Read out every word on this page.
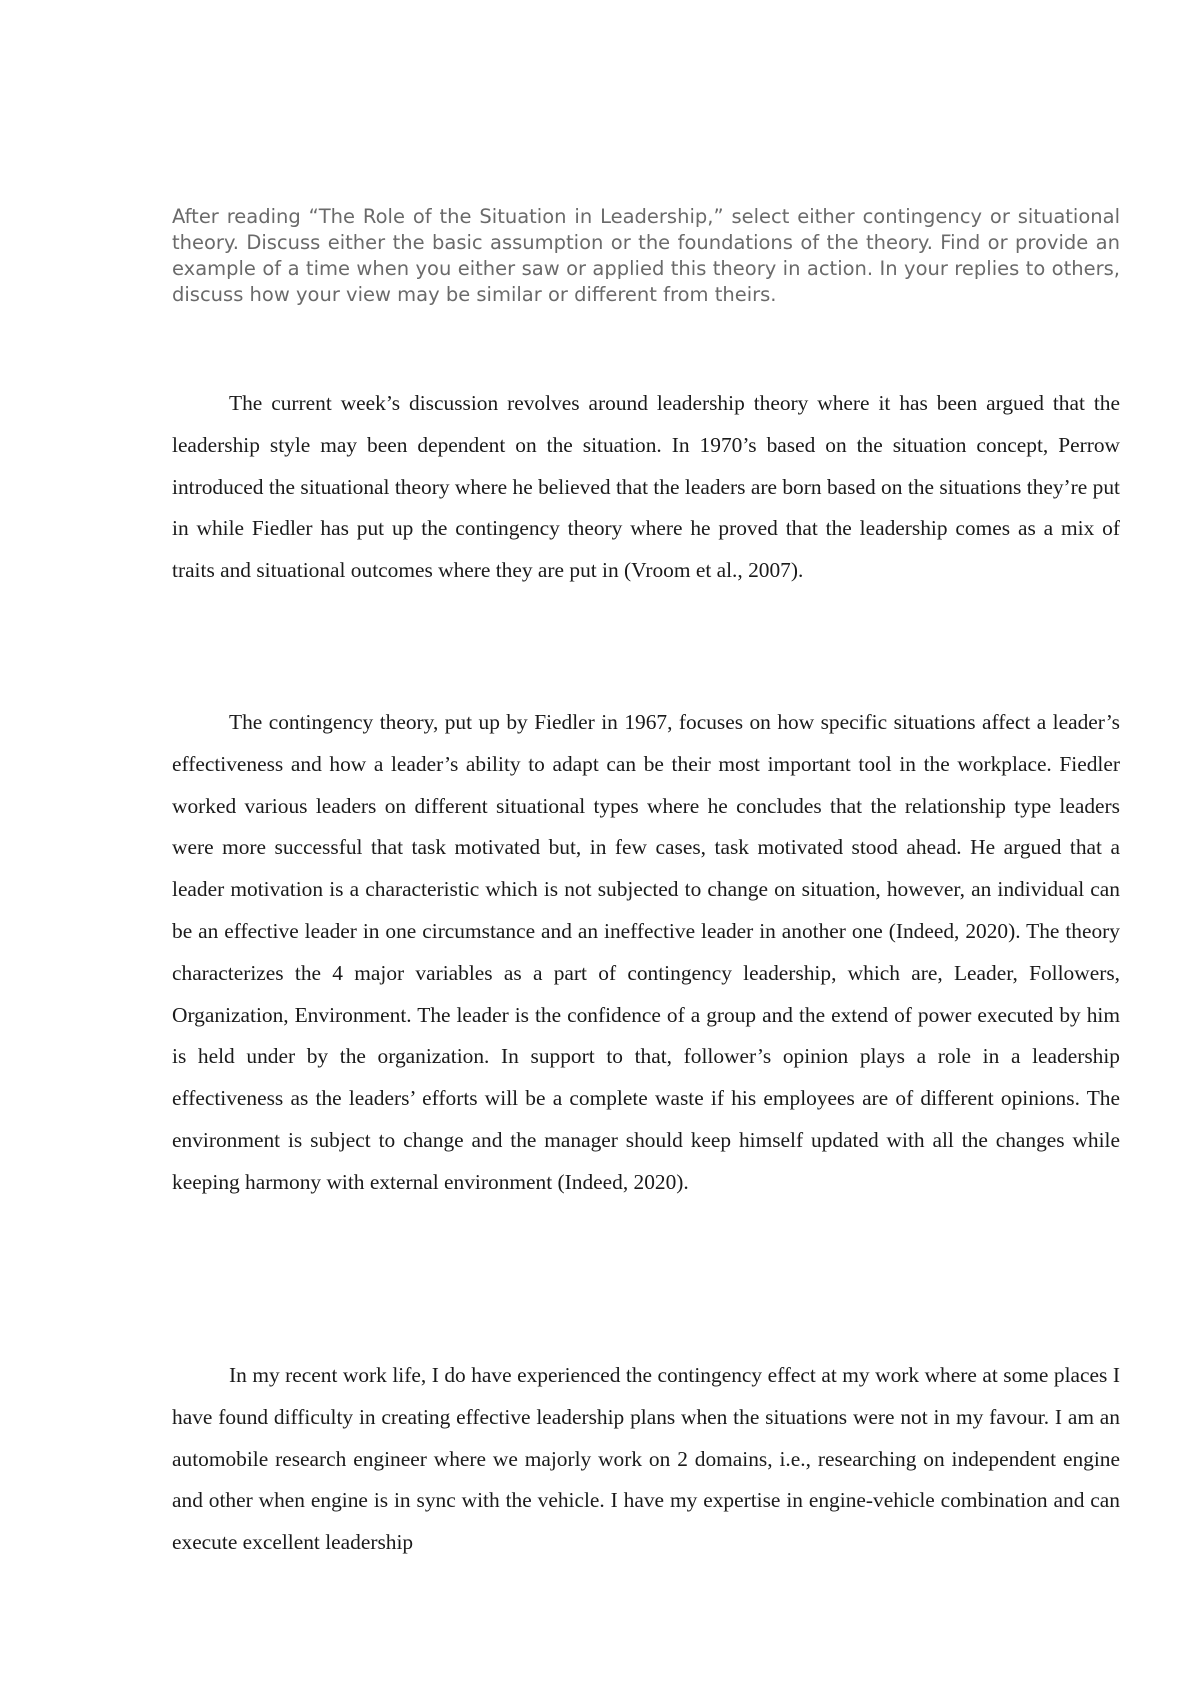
After reading “The Role of the Situation in Leadership,” select either contingency or situational theory. Discuss either the basic assumption or the foundations of the theory. Find or provide an example of a time when you either saw or applied this theory in action. In your replies to others, discuss how your view may be similar or different from theirs.

The current week’s discussion revolves around leadership theory where it has been argued that the leadership style may been dependent on the situation. In 1970’s based on the situation concept, Perrow introduced the situational theory where he believed that the leaders are born based on the situations they’re put in while Fiedler has put up the contingency theory where he proved that the leadership comes as a mix of traits and situational outcomes where they are put in (Vroom et al., 2007).

The contingency theory, put up by Fiedler in 1967, focuses on how specific situations affect a leader’s effectiveness and how a leader’s ability to adapt can be their most important tool in the workplace. Fiedler worked various leaders on different situational types where he concludes that the relationship type leaders were more successful that task motivated but, in few cases, task motivated stood ahead. He argued that a leader motivation is a characteristic which is not subjected to change on situation, however, an individual can be an effective leader in one circumstance and an ineffective leader in another one (Indeed, 2020). The theory characterizes the 4 major variables as a part of contingency leadership, which are, Leader, Followers, Organization, Environment. The leader is the confidence of a group and the extend of power executed by him is held under by the organization. In support to that, follower’s opinion plays a role in a leadership effectiveness as the leaders’ efforts will be a complete waste if his employees are of different opinions. The environment is subject to change and the manager should keep himself updated with all the changes while keeping harmony with external environment (Indeed, 2020).

In my recent work life, I do have experienced the contingency effect at my work where at some places I have found difficulty in creating effective leadership plans when the situations were not in my favour. I am an automobile research engineer where we majorly work on 2 domains, i.e., researching on independent engine and other when engine is in sync with the vehicle. I have my expertise in engine-vehicle combination and can execute excellent leadership
